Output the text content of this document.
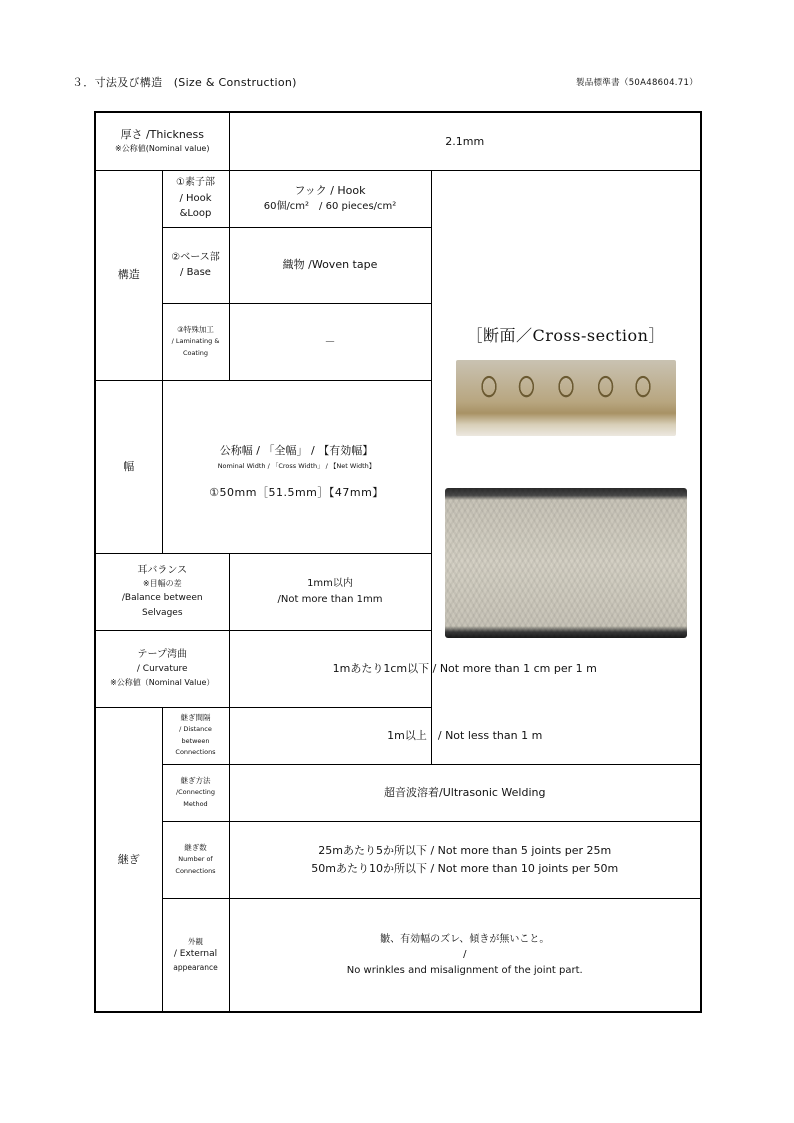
３．寸法及び構造　(Size & Construction)	製品標準書（50A48604.71）
厚さ /Thickness
※公称値(Nominal value)		2.1mm	
構造	①素子部
/ Hook
&Loop	フック / Hook
60個/cm²　/ 60 pieces/cm²	［断面／Cross-section］

	②ベース部
/ Base	織物 /Woven tape	

	③特殊加工
/ Laminating &
Coating	－	
幅	公称幅 / 「全幅」 / 【有効幅】
Nominal Width / 「Cross Width」 / 【Net Width】
①50mm［51.5mm］【47mm】		

耳バランス
※目幅の差
/Balance between
Selvages		1mm以内
/Not more than 1mm	

テープ湾曲
/ Curvature
※公称値（Nominal Value）		1mあたり1cm以下 / Not more than 1 cm per 1 m	
継ぎ	継ぎ間隔
/ Distance
between
Connections	1m以上　/ Not less than 1 m	

	継ぎ方法
/Connecting
Method	超音波溶着/Ultrasonic Welding	

	継ぎ数
Number of
Connections	25mあたり5か所以下 / Not more than 5 joints per 25m
50mあたり10か所以下 / Not more than 10 joints per 50m	

	外観
/ External
appearance	皺、有効幅のズレ、傾きが無いこと。
/
No wrinkles and misalignment of the joint part.	
